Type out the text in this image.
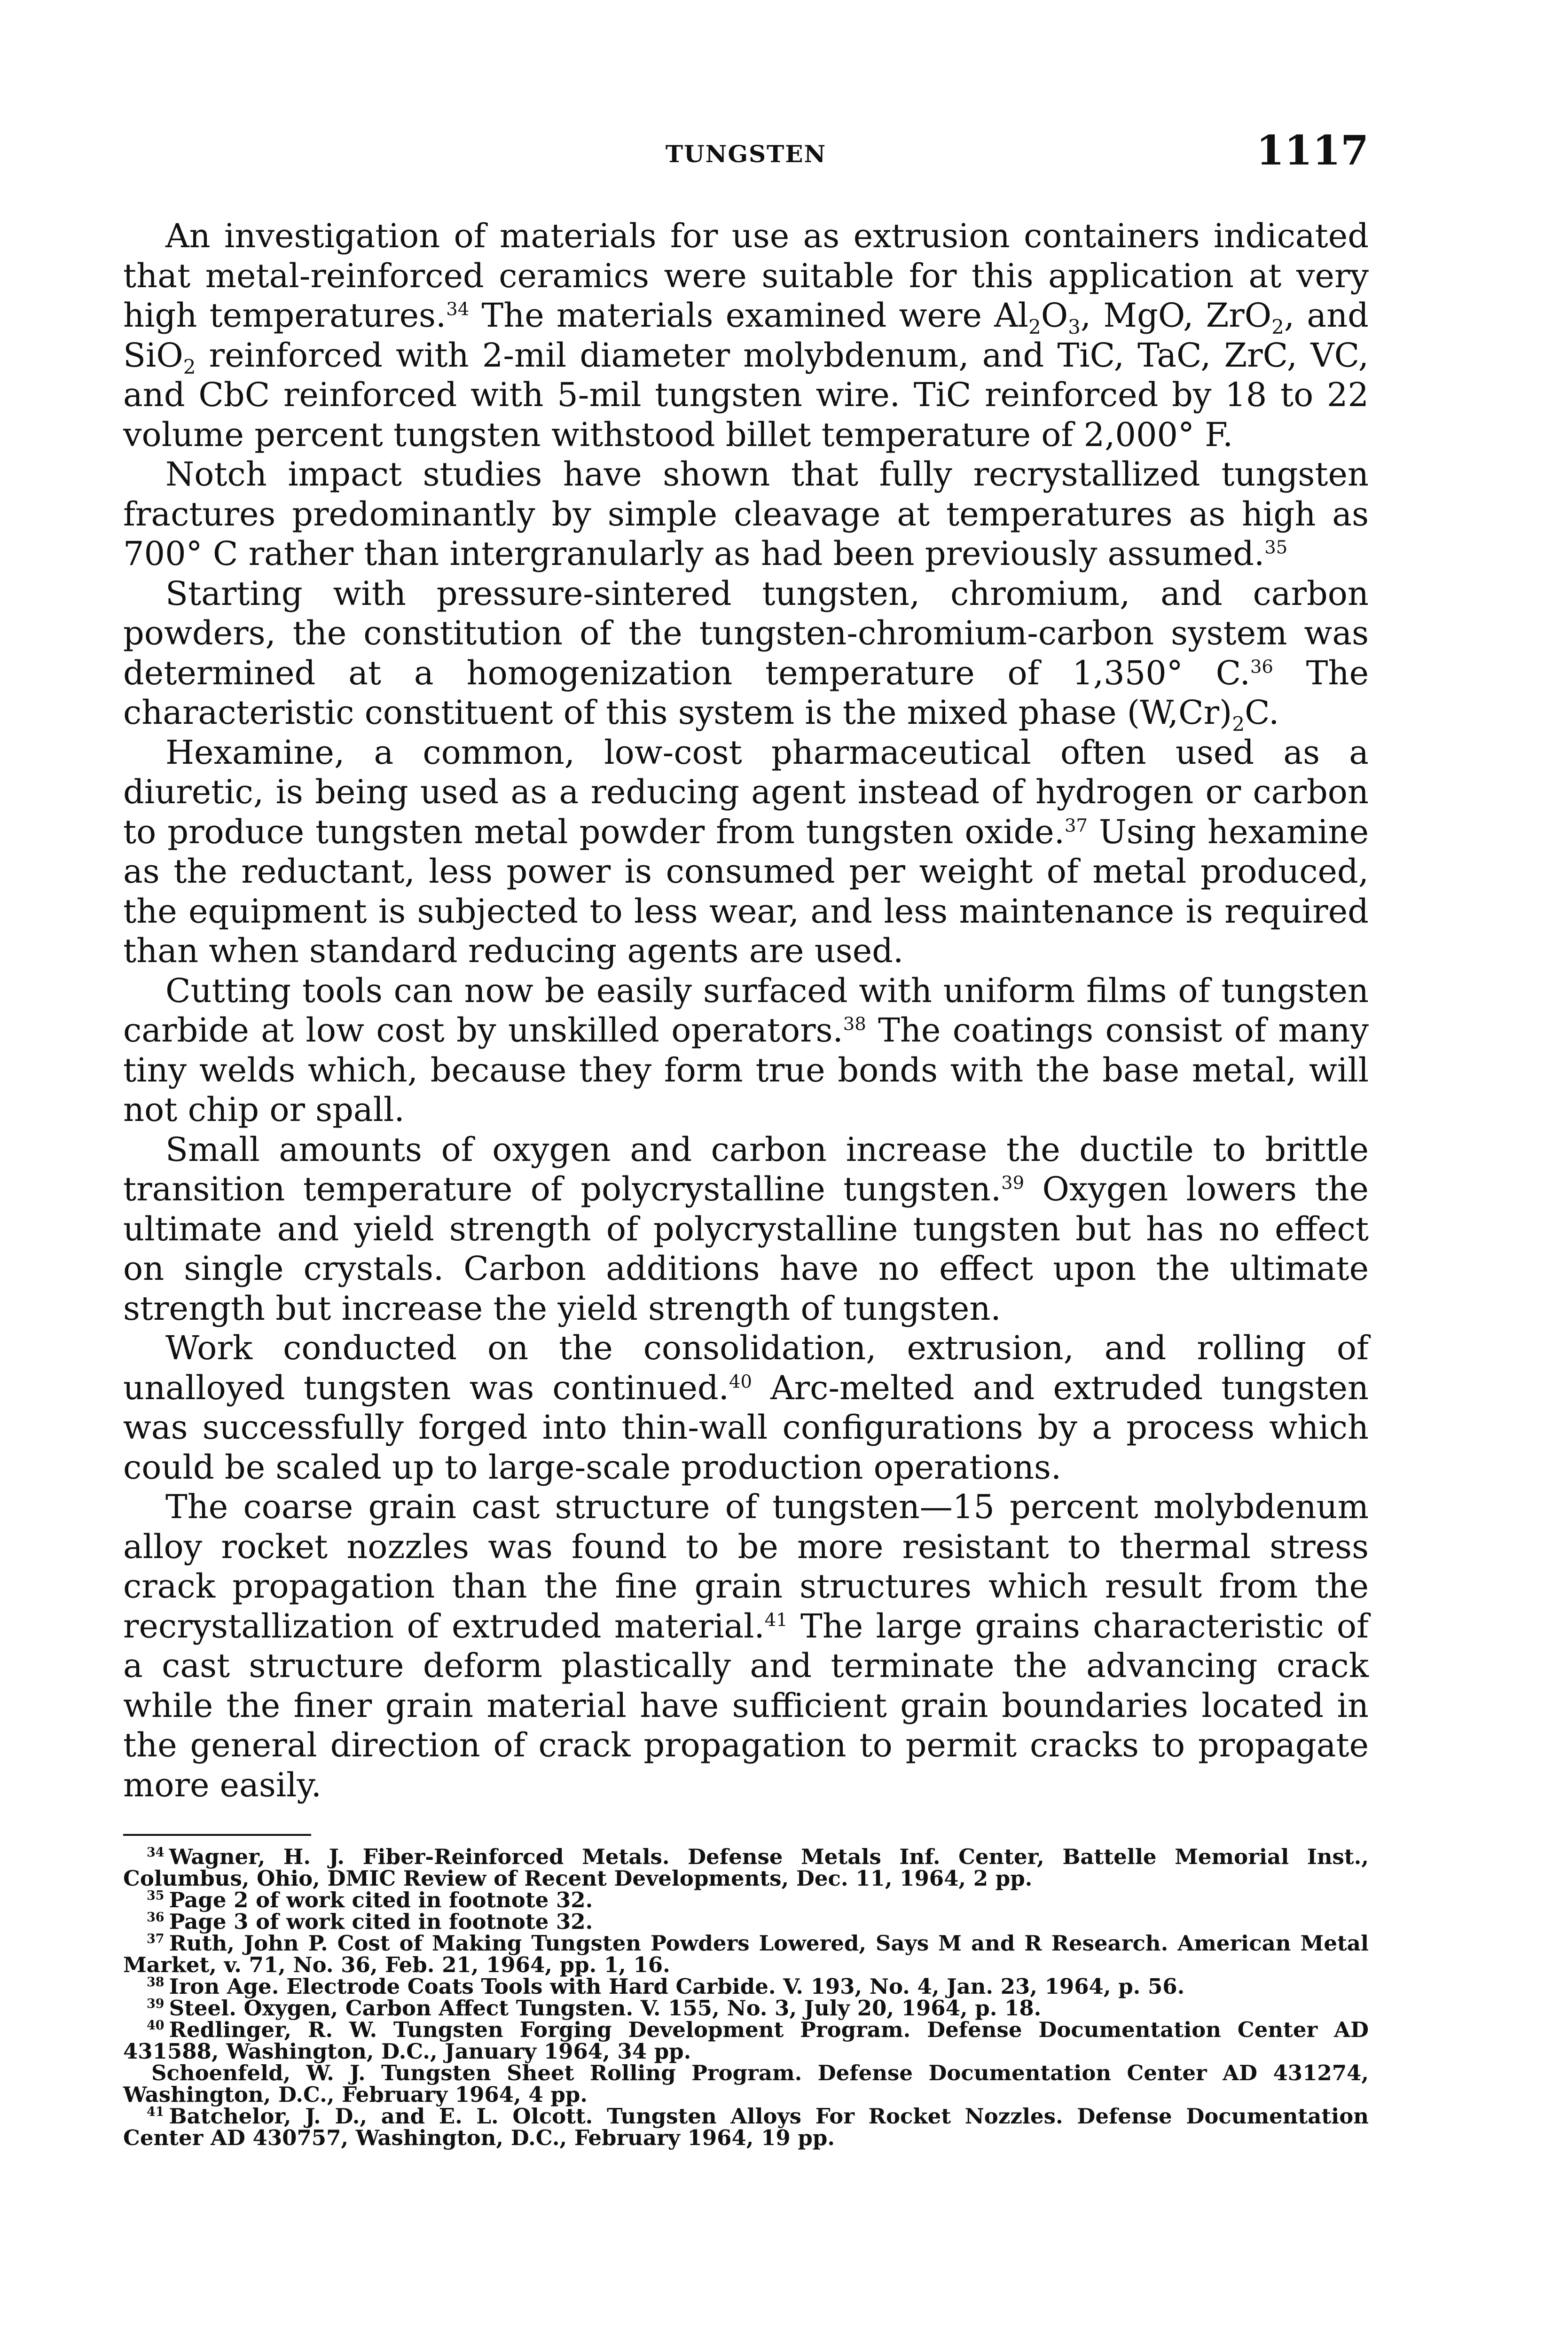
TUNGSTEN	1117

An investigation of materials for use as extrusion containers indicated that metal-reinforced ceramics were suitable for this application at very high temperatures.$^{34}$ The materials examined were $Al_2O_3$, MgO, ZrO$_2$, and SiO$_2$ reinforced with 2-mil diameter molybdenum, and TiC, TaC, ZrC, VC, and CbC reinforced with 5-mil tungsten wire. TiC reinforced by 18 to 22 volume percent tungsten withstood billet temperature of 2,000° F.

Notch impact studies have shown that fully recrystallized tungsten fractures predominantly by simple cleavage at temperatures as high as 700° C rather than intergranularly as had been previously assumed.$^{35}$

Starting with pressure-sintered tungsten, chromium, and carbon powders, the constitution of the tungsten-chromium-carbon system was determined at a homogenization temperature of 1,350° C.$^{36}$ The characteristic constituent of this system is the mixed phase $(W,Cr)_2C$.

Hexamine, a common, low-cost pharmaceutical often used as a diuretic, is being used as a reducing agent instead of hydrogen or carbon to produce tungsten metal powder from tungsten oxide.$^{37}$ Using hexamine as the reductant, less power is consumed per weight of metal produced, the equipment is subjected to less wear, and less maintenance is required than when standard reducing agents are used.

Cutting tools can now be easily surfaced with uniform films of tungsten carbide at low cost by unskilled operators.$^{38}$ The coatings consist of many tiny welds which, because they form true bonds with the base metal, will not chip or spall.

Small amounts of oxygen and carbon increase the ductile to brittle transition temperature of polycrystalline tungsten.$^{39}$ Oxygen lowers the ultimate and yield strength of polycrystalline tungsten but has no effect on single crystals. Carbon additions have no effect upon the ultimate strength but increase the yield strength of tungsten.

Work conducted on the consolidation, extrusion, and rolling of unalloyed tungsten was continued.$^{40}$ Arc-melted and extruded tungsten was successfully forged into thin-wall configurations by a process which could be scaled up to large-scale production operations.

The coarse grain cast structure of tungsten—15 percent molybdenum alloy rocket nozzles was found to be more resistant to thermal stress crack propagation than the fine grain structures which result from the recrystallization of extruded material.$^{41}$ The large grains characteristic of a cast structure deform plastically and terminate the advancing crack while the finer grain material have sufficient grain boundaries located in the general direction of crack propagation to permit cracks to propagate more easily.

$^{34}$ Wagner, H. J. Fiber-Reinforced Metals. Defense Metals Inf. Center, Battelle Memorial Inst., Columbus, Ohio, DMIC Review of Recent Developments, Dec. 11, 1964, 2 pp.

$^{35}$ Page 2 of work cited in footnote 32.

$^{36}$ Page 3 of work cited in footnote 32.

$^{37}$ Ruth, John P. Cost of Making Tungsten Powders Lowered, Says M and R Research. American Metal Market, v. 71, No. 36, Feb. 21, 1964, pp. 1, 16.

$^{38}$ Iron Age. Electrode Coats Tools with Hard Carbide. V. 193, No. 4, Jan. 23, 1964, p. 56.

$^{39}$ Steel. Oxygen, Carbon Affect Tungsten. V. 155, No. 3, July 20, 1964, p. 18.

$^{40}$ Redlinger, R. W. Tungsten Forging Development Program. Defense Documentation Center AD 431588, Washington, D.C., January 1964, 34 pp.

Schoenfeld, W. J. Tungsten Sheet Rolling Program. Defense Documentation Center AD 431274, Washington, D.C., February 1964, 4 pp.

$^{41}$ Batchelor, J. D., and E. L. Olcott. Tungsten Alloys For Rocket Nozzles. Defense Documentation Center AD 430757, Washington, D.C., February 1964, 19 pp.
